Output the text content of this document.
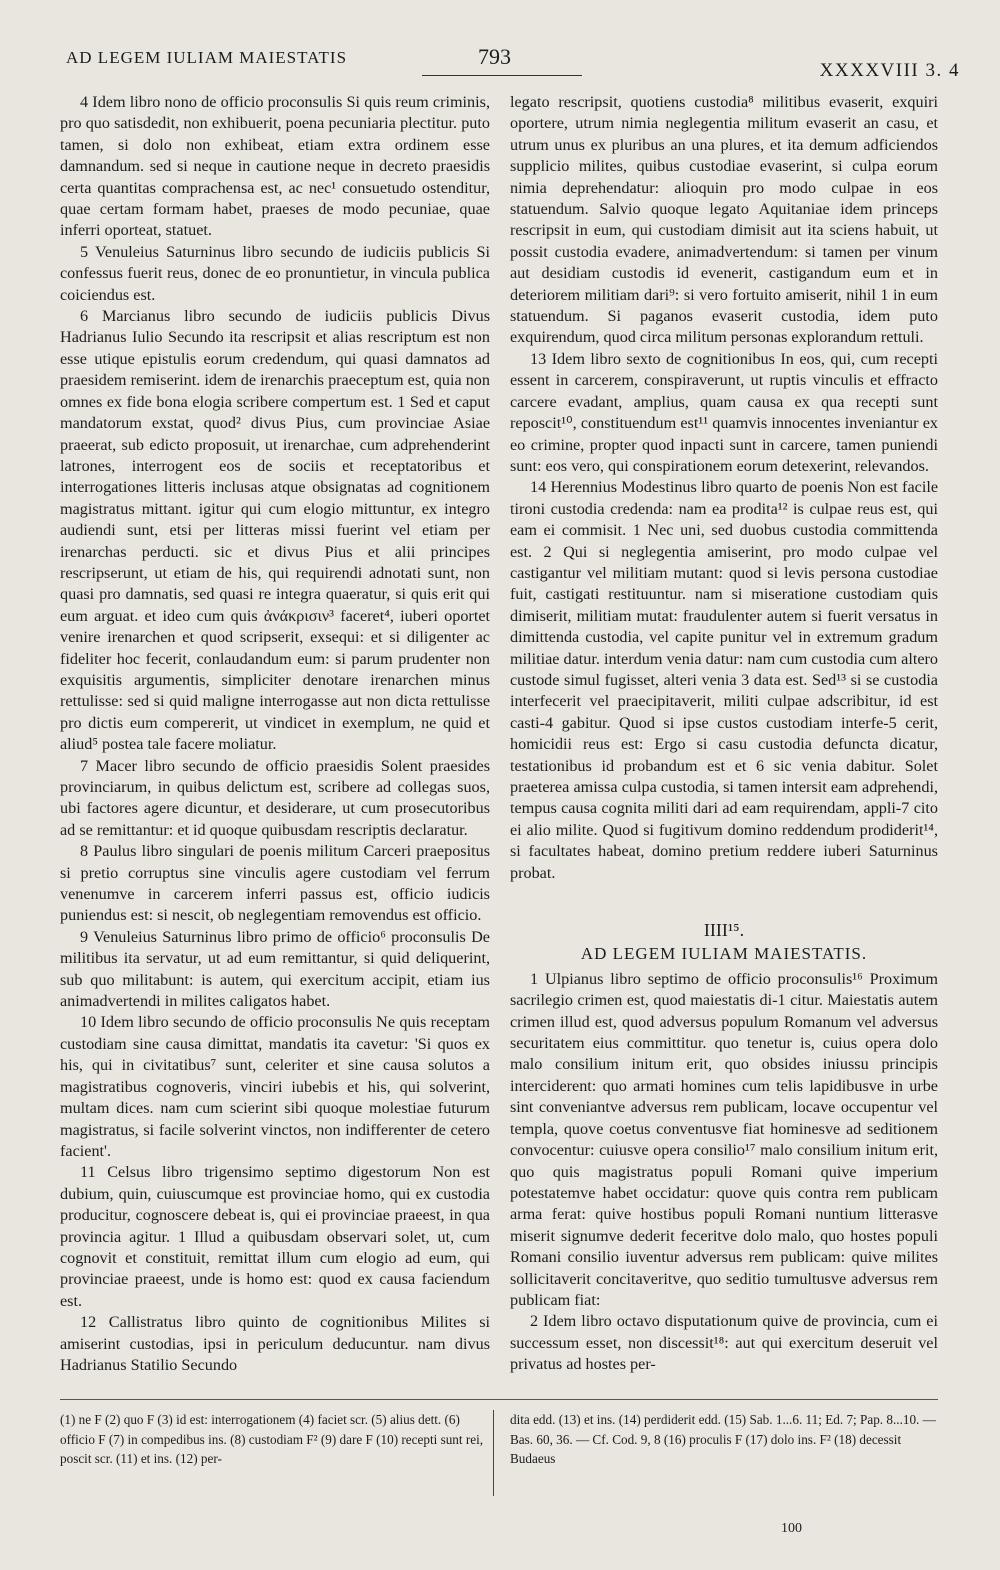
AD LEGEM IULIAM MAIESTATIS	793
XXXXVIII 3. 4

4 Idem libro nono de officio proconsulis Si quis reum criminis, pro quo satisdedit, non exhibuerit, poena pecuniaria plectitur. puto tamen, si dolo non exhibeat, etiam extra ordinem esse damnandum. sed si neque in cautione neque in decreto praesidis certa quantitas comprachensa est, ac nec¹ consuetudo ostenditur, quae certam formam habet, praeses de modo pecuniae, quae inferri oporteat, statuet.

5 Venuleius Saturninus libro secundo de iudiciis publicis Si confessus fuerit reus, donec de eo pronuntietur, in vincula publica coiciendus est.

6 Marcianus libro secundo de iudiciis publicis Divus Hadrianus Iulio Secundo ita rescripsit et alias rescriptum est non esse utique epistulis eorum credendum, qui quasi damnatos ad praesidem remiserint. idem de irenarchis praeceptum est, quia non omnes ex fide bona elogia scribere compertum est. 1 Sed et caput mandatorum exstat, quod² divus Pius, cum provinciae Asiae praeerat, sub edicto proposuit, ut irenarchae, cum adprehenderint latrones, interrogent eos de sociis et receptatoribus et interrogationes litteris inclusas atque obsignatas ad cognitionem magistratus mittant. igitur qui cum elogio mittuntur, ex integro audiendi sunt, etsi per litteras missi fuerint vel etiam per irenarchas perducti. sic et divus Pius et alii principes rescripserunt, ut etiam de his, qui requirendi adnotati sunt, non quasi pro damnatis, sed quasi re integra quaeratur, si quis erit qui eum arguat. et ideo cum quis ἀνάκρισιν³ faceret⁴, iuberi oportet venire irenarchen et quod scripserit, exsequi: et si diligenter ac fideliter hoc fecerit, conlaudandum eum: si parum prudenter non exquisitis argumentis, simpliciter denotare irenarchen minus rettulisse: sed si quid maligne interrogasse aut non dicta rettulisse pro dictis eum compererit, ut vindicet in exemplum, ne quid et aliud⁵ postea tale facere moliatur.

7 Macer libro secundo de officio praesidis Solent praesides provinciarum, in quibus delictum est, scribere ad collegas suos, ubi factores agere dicuntur, et desiderare, ut cum prosecutoribus ad se remittantur: et id quoque quibusdam rescriptis declaratur.

8 Paulus libro singulari de poenis militum Carceri praepositus si pretio corruptus sine vinculis agere custodiam vel ferrum venenumve in carcerem inferri passus est, officio iudicis puniendus est: si nescit, ob neglegentiam removendus est officio.

9 Venuleius Saturninus libro primo de officio⁶ proconsulis De militibus ita servatur, ut ad eum remittantur, si quid deliquerint, sub quo militabunt: is autem, qui exercitum accipit, etiam ius animadvertendi in milites caligatos habet.

10 Idem libro secundo de officio proconsulis Ne quis receptam custodiam sine causa dimittat, mandatis ita cavetur: 'Si quos ex his, qui in civitatibus⁷ sunt, celeriter et sine causa solutos a magistratibus cognoveris, vinciri iubebis et his, qui solverint, multam dices. nam cum scierint sibi quoque molestiae futurum magistratus, si facile solverint vinctos, non indifferenter de cetero facient'.

11 Celsus libro trigensimo septimo digestorum Non est dubium, quin, cuiuscumque est provinciae homo, qui ex custodia producitur, cognoscere debeat is, qui ei provinciae praeest, in qua provincia agitur. 1 Illud a quibusdam observari solet, ut, cum cognovit et constituit, remittat illum cum elogio ad eum, qui provinciae praeest, unde is homo est: quod ex causa faciendum est.

12 Callistratus libro quinto de cognitionibus Milites si amiserint custodias, ipsi in periculum deducuntur. nam divus Hadrianus Statilio Secundo

legato rescripsit, quotiens custodia⁸ militibus evaserit, exquiri oportere, utrum nimia neglegentia militum evaserit an casu, et utrum unus ex pluribus an una plures, et ita demum adficiendos supplicio milites, quibus custodiae evaserint, si culpa eorum nimia deprehendatur: alioquin pro modo culpae in eos statuendum. Salvio quoque legato Aquitaniae idem princeps rescripsit in eum, qui custodiam dimisit aut ita sciens habuit, ut possit custodia evadere, animadvertendum: si tamen per vinum aut desidiam custodis id evenerit, castigandum eum et in deteriorem militiam dari⁹: si vero fortuito amiserit, nihil 1 in eum statuendum. Si paganos evaserit custodia, idem puto exquirendum, quod circa militum personas explorandum rettuli.

13 Idem libro sexto de cognitionibus In eos, qui, cum recepti essent in carcerem, conspiraverunt, ut ruptis vinculis et effracto carcere evadant, amplius, quam causa ex qua recepti sunt reposcit¹⁰, constituendum est¹¹ quamvis innocentes inveniantur ex eo crimine, propter quod inpacti sunt in carcere, tamen puniendi sunt: eos vero, qui conspirationem eorum detexerint, relevandos.

14 Herennius Modestinus libro quarto de poenis Non est facile tironi custodia credenda: nam ea prodita¹² is culpae reus est, qui eam ei commisit. 1 Nec uni, sed duobus custodia committenda est. 2 Qui si neglegentia amiserint, pro modo culpae vel castigantur vel militiam mutant: quod si levis persona custodiae fuit, castigati restituuntur. nam si miseratione custodiam quis dimiserit, militiam mutat: fraudulenter autem si fuerit versatus in dimittenda custodia, vel capite punitur vel in extremum gradum militiae datur. interdum venia datur: nam cum custodia cum altero custode simul fugisset, alteri venia 3 data est. Sed¹³ si se custodia interfecerit vel praecipitaverit, militi culpae adscribitur, id est casti-4 gabitur. Quod si ipse custos custodiam interfe-5 cerit, homicidii reus est: Ergo si casu custodia defuncta dicatur, testationibus id probandum est et 6 sic venia dabitur. Solet praeterea amissa culpa custodia, si tamen intersit eam adprehendi, tempus causa cognita militi dari ad eam requirendam, appli-7 cito ei alio milite. Quod si fugitivum domino reddendum prodiderit¹⁴, si facultates habeat, domino pretium reddere iuberi Saturninus probat.

IIII¹⁵.
AD LEGEM IULIAM MAIESTATIS.

1 Ulpianus libro septimo de officio proconsulis¹⁶ Proximum sacrilegio crimen est, quod maiestatis di-1 citur. Maiestatis autem crimen illud est, quod adversus populum Romanum vel adversus securitatem eius committitur. quo tenetur is, cuius opera dolo malo consilium initum erit, quo obsides iniussu principis interciderent: quo armati homines cum telis lapidibusve in urbe sint conveniantve adversus rem publicam, locave occupentur vel templa, quove coetus conventusve fiat hominesve ad seditionem convocentur: cuiusve opera consilio¹⁷ malo consilium initum erit, quo quis magistratus populi Romani quive imperium potestatemve habet occidatur: quove quis contra rem publicam arma ferat: quive hostibus populi Romani nuntium litterasve miserit signumve dederit feceritve dolo malo, quo hostes populi Romani consilio iuventur adversus rem publicam: quive milites sollicitaverit concitaveritve, quo seditio tumultusve adversus rem publicam fiat:

2 Idem libro octavo disputationum quive de provincia, cum ei successum esset, non discessit¹⁸: aut qui exercitum deseruit vel privatus ad hostes per-

(1) ne F (2) quo F (3) id est: interrogationem (4) faciet scr. (5) alius dett. (6) officio F (7) in compedibus ins. (8) custodiam F² (9) dare F (10) recepti sunt rei, poscit scr. (11) et ins. (12) per-
dita edd. (13) et ins. (14) perdiderit edd. (15) Sab. 1...6. 11; Ed. 7; Pap. 8...10. — Bas. 60, 36. — Cf. Cod. 9, 8 (16) proculis F (17) dolo ins. F² (18) decessit Budaeus
100
